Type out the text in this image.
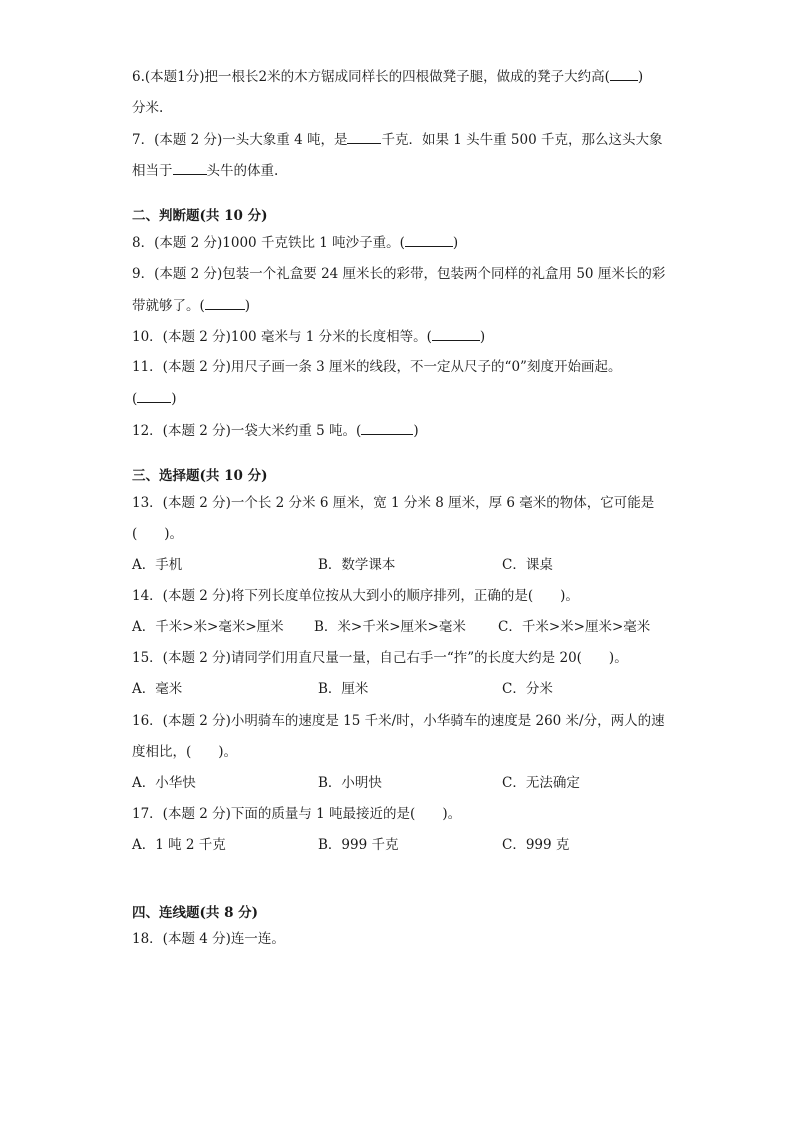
6.(本题1分)把一根长2米的木方锯成同样长的四根做凳子腿，做成的凳子大约高( )
分米.
7．(本题 2 分)一头大象重 4 吨，是	千克．如果 1 头牛重 500 千克，那么这头大象
相当于	头牛的体重.
二、判断题(共 10 分)
8．(本题 2 分)1000 千克铁比 1 吨沙子重。(	)
9．(本题 2 分)包装一个礼盒要 24 厘米长的彩带，包装两个同样的礼盒用 50 厘米长的彩
带就够了。(	)
10．(本题 2 分)100 毫米与 1 分米的长度相等。(	)
11．(本题 2 分)用尺子画一条 3 厘米的线段，不一定从尺子的“0”刻度开始画起。
(	)
12．(本题 2 分)一袋大米约重 5 吨。(	)
三、选择题(共 10 分)
13．(本题 2 分)一个长 2 分米 6 厘米，宽 1 分米 8 厘米，厚 6 毫米的物体，它可能是
(　　)。
A．手机	B．数学课本	C．课桌
14．(本题 2 分)将下列长度单位按从大到小的顺序排列，正确的是(　　)。
A．千米>米>毫米>厘米 B．米>千米>厘米>毫米 C．千米>米>厘米>毫米
15．(本题 2 分)请同学们用直尺量一量，自己右手一“拃”的长度大约是 20(　　)。
A．毫米	B．厘米	C．分米
16．(本题 2 分)小明骑车的速度是 15 千米/时，小华骑车的速度是 260 米/分，两人的速
度相比，(　　)。
A．小华快	B．小明快	C．无法确定
17．(本题 2 分)下面的质量与 1 吨最接近的是(　　)。
A．1 吨 2 千克	B．999 千克	C．999 克
四、连线题(共 8 分)
18．(本题 4 分)连一连。
